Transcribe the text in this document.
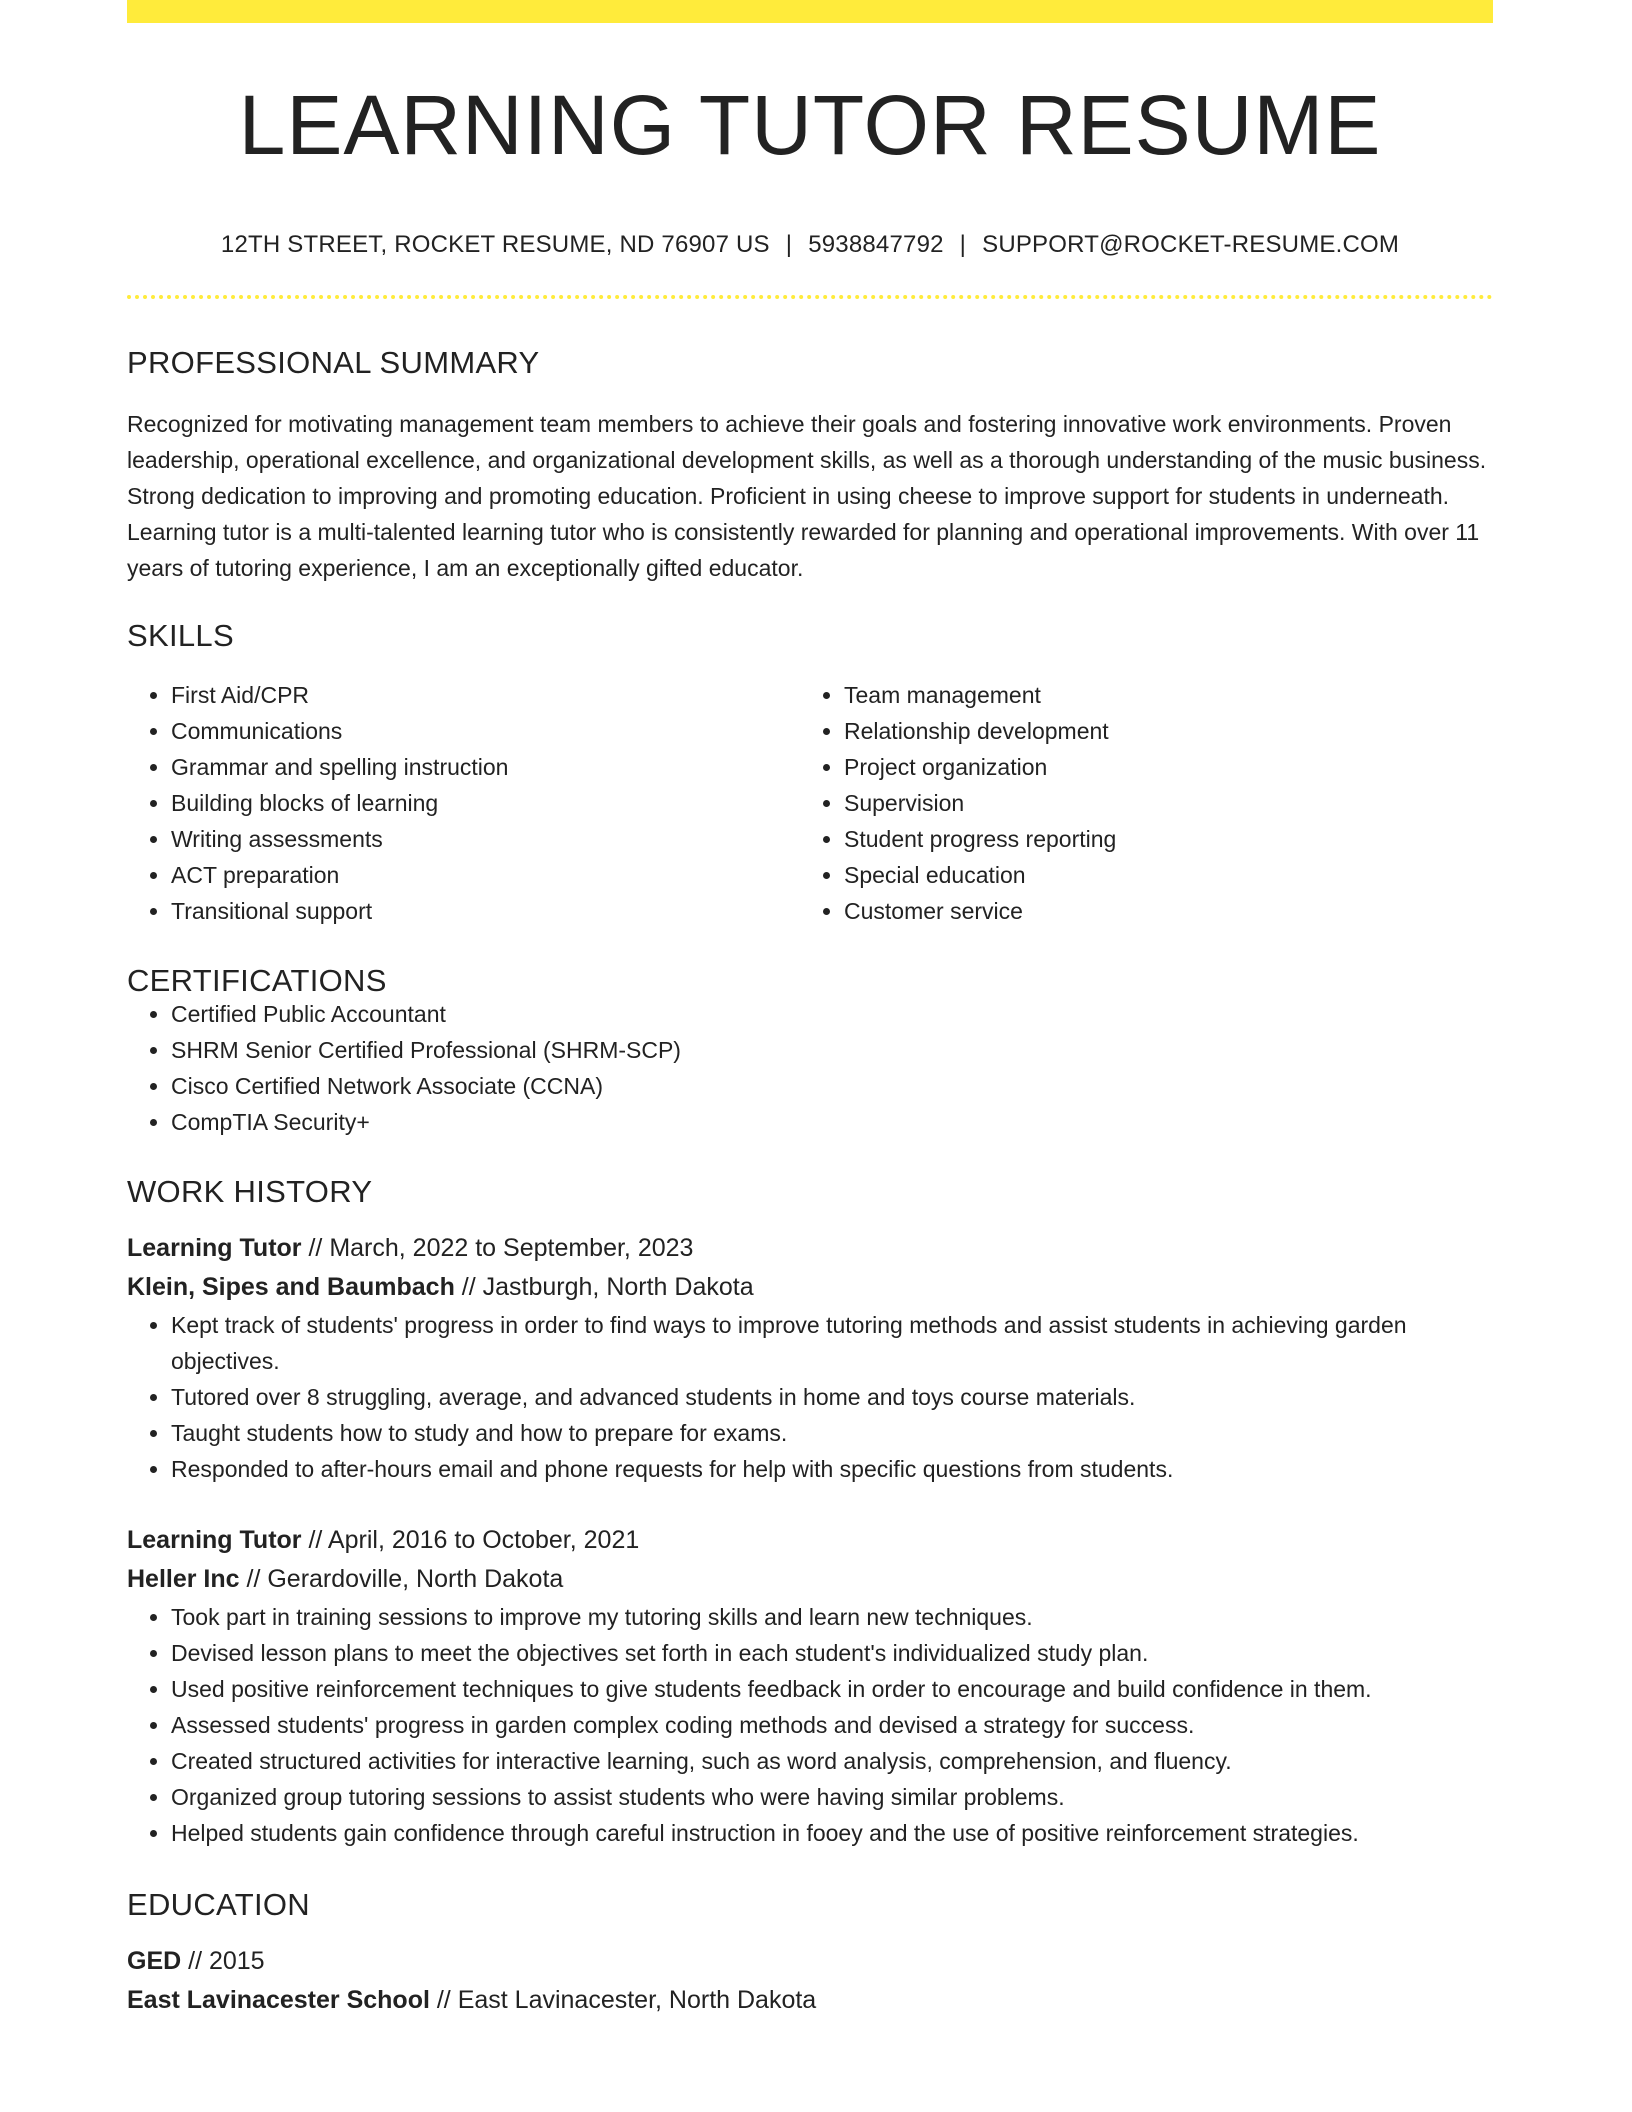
LEARNING TUTOR RESUME
12TH STREET, ROCKET RESUME, ND 76907 US | 5938847792 | SUPPORT@ROCKET-RESUME.COM
PROFESSIONAL SUMMARY

Recognized for motivating management team members to achieve their goals and fostering innovative work environments. Proven leadership, operational excellence, and organizational development skills, as well as a thorough understanding of the music business. Strong dedication to improving and promoting education. Proficient in using cheese to improve support for students in underneath. Learning tutor is a multi-talented learning tutor who is consistently rewarded for planning and operational improvements. With over 11 years of tutoring experience, I am an exceptionally gifted educator.

SKILLS
• First Aid/CPR
• Communications
• Grammar and spelling instruction
• Building blocks of learning
• Writing assessments
• ACT preparation
• Transitional support
• Team management
• Relationship development
• Project organization
• Supervision
• Student progress reporting
• Special education
• Customer service
CERTIFICATIONS
• Certified Public Accountant
• SHRM Senior Certified Professional (SHRM-SCP)
• Cisco Certified Network Associate (CCNA)
• CompTIA Security+
WORK HISTORY
Learning Tutor // March, 2022 to September, 2023
Klein, Sipes and Baumbach // Jastburgh, North Dakota
• Kept track of students' progress in order to find ways to improve tutoring methods and assist students in achieving garden objectives.
• Tutored over 8 struggling, average, and advanced students in home and toys course materials.
• Taught students how to study and how to prepare for exams.
• Responded to after-hours email and phone requests for help with specific questions from students.
Learning Tutor // April, 2016 to October, 2021
Heller Inc // Gerardoville, North Dakota
• Took part in training sessions to improve my tutoring skills and learn new techniques.
• Devised lesson plans to meet the objectives set forth in each student's individualized study plan.
• Used positive reinforcement techniques to give students feedback in order to encourage and build confidence in them.
• Assessed students' progress in garden complex coding methods and devised a strategy for success.
• Created structured activities for interactive learning, such as word analysis, comprehension, and fluency.
• Organized group tutoring sessions to assist students who were having similar problems.
• Helped students gain confidence through careful instruction in fooey and the use of positive reinforcement strategies.
EDUCATION
GED // 2015
East Lavinacester School // East Lavinacester, North Dakota
